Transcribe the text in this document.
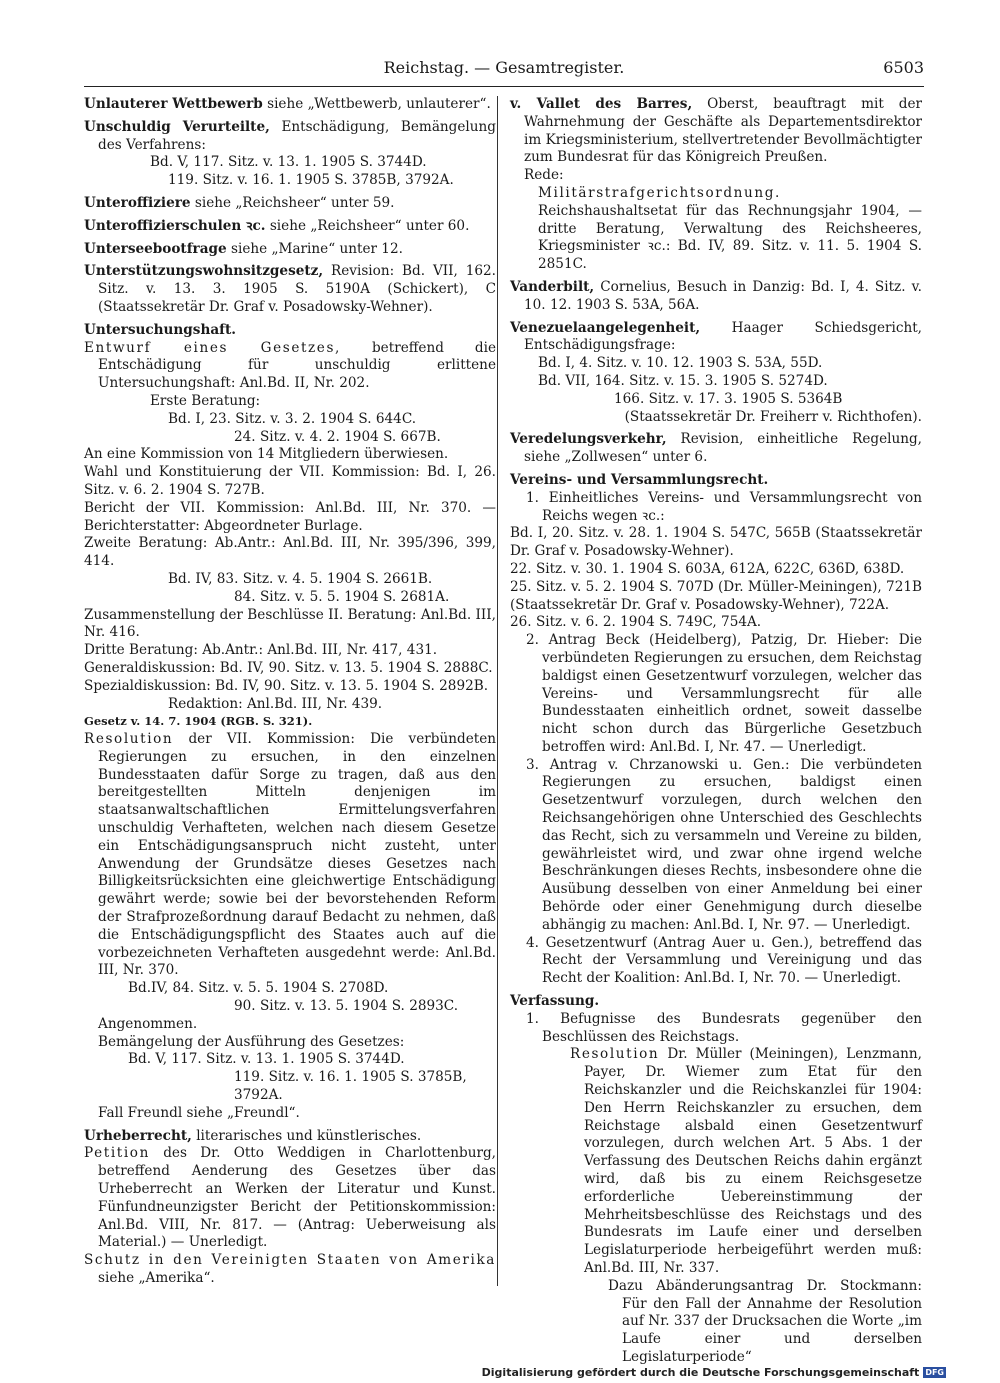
Reichstag. — Gesamtregister.	6503

Unlauterer Wettbewerb siehe „Wettbewerb, unlauterer“.

Unschuldig Verurteilte, Entschädigung, Bemängelung des Verfahrens:
Bd. V, 117. Sitz. v. 13. 1. 1905 S. 3744D.
119. Sitz. v. 16. 1. 1905 S. 3785B, 3792A.

Unteroffiziere siehe „Reichsheer“ unter 59.

Unteroffizierschulen ꝛc. siehe „Reichsheer“ unter 60.

Unterseebootfrage siehe „Marine“ unter 12.

Unterstützungswohnsitzgesetz, Revision: Bd. VII, 162. Sitz. v. 13. 3. 1905 S. 5190A (Schickert), C (Staatssekretär Dr. Graf v. Posadowsky-Wehner).

Untersuchungshaft.

Entwurf eines Gesetzes, betreffend die Entschädigung für unschuldig erlittene Untersuchungshaft: Anl.Bd. II, Nr. 202.

Erste Beratung:
Bd. I, 23. Sitz. v. 3. 2. 1904 S. 644C.
24. Sitz. v. 4. 2. 1904 S. 667B.

An eine Kommission von 14 Mitgliedern überwiesen.

Wahl und Konstituierung der VII. Kommission: Bd. I, 26. Sitz. v. 6. 2. 1904 S. 727B.

Bericht der VII. Kommission: Anl.Bd. III, Nr. 370. — Berichterstatter: Abgeordneter Burlage.

Zweite Beratung: Ab.Antr.: Anl.Bd. III, Nr. 395/396, 399, 414.

Bd. IV, 83. Sitz. v. 4. 5. 1904 S. 2661B.
84. Sitz. v. 5. 5. 1904 S. 2681A.

Zusammenstellung der Beschlüsse II. Beratung: Anl.Bd. III, Nr. 416.

Dritte Beratung: Ab.Antr.: Anl.Bd. III, Nr. 417, 431.

Generaldiskussion: Bd. IV, 90. Sitz. v. 13. 5. 1904 S. 2888C.

Spezialdiskussion: Bd. IV, 90. Sitz. v. 13. 5. 1904 S. 2892B.

Redaktion: Anl.Bd. III, Nr. 439.
Gesetz v. 14. 7. 1904 (RGB. S. 321).

Resolution der VII. Kommission: Die verbündeten Regierungen zu ersuchen, in den einzelnen Bundesstaaten dafür Sorge zu tragen, daß aus den bereitgestellten Mitteln denjenigen im staatsanwaltschaftlichen Ermittelungsverfahren unschuldig Verhafteten, welchen nach diesem Gesetze ein Entschädigungsanspruch nicht zusteht, unter Anwendung der Grundsätze dieses Gesetzes nach Billigkeitsrücksichten eine gleichwertige Entschädigung gewährt werde; sowie bei der bevorstehenden Reform der Strafprozeßordnung darauf Bedacht zu nehmen, daß die Entschädigungspflicht des Staates auch auf die vorbezeichneten Verhafteten ausgedehnt werde: Anl.Bd. III, Nr. 370.

Bd.IV, 84. Sitz. v. 5. 5. 1904 S. 2708D.
90. Sitz. v. 13. 5. 1904 S. 2893C.
Angenommen.
Bemängelung der Ausführung des Gesetzes:
Bd. V, 117. Sitz. v. 13. 1. 1905 S. 3744D.
119. Sitz. v. 16. 1. 1905 S. 3785B, 3792A.

Fall Freundl siehe „Freundl“.

Urheberrecht, literarisches und künstlerisches.

Petition des Dr. Otto Weddigen in Charlottenburg, betreffend Aenderung des Gesetzes über das Urheberrecht an Werken der Literatur und Kunst. Fünfundneunzigster Bericht der Petitionskommission: Anl.Bd. VIII, Nr. 817. — (Antrag: Ueberweisung als Material.) — Unerledigt.

Schutz in den Vereinigten Staaten von Amerika siehe „Amerika“.

v. Vallet des Barres, Oberst, beauftragt mit der Wahrnehmung der Geschäfte als Departementsdirektor im Kriegsministerium, stellvertretender Bevollmächtigter zum Bundesrat für das Königreich Preußen.

Rede:

Militärstrafgerichtsordnung. Reichshaushaltsetat für das Rechnungsjahr 1904, — dritte Beratung, Verwaltung des Reichsheeres, Kriegsminister ꝛc.: Bd. IV, 89. Sitz. v. 11. 5. 1904 S. 2851C.

Vanderbilt, Cornelius, Besuch in Danzig: Bd. I, 4. Sitz. v. 10. 12. 1903 S. 53A, 56A.

Venezuelaangelegenheit, Haager Schiedsgericht, Entschädigungsfrage:

Bd. I, 4. Sitz. v. 10. 12. 1903 S. 53A, 55D.
Bd. VII, 164. Sitz. v. 15. 3. 1905 S. 5274D.
166. Sitz. v. 17. 3. 1905 S. 5364B

(Staatssekretär Dr. Freiherr v. Richthofen).

Veredelungsverkehr, Revision, einheitliche Regelung, siehe „Zollwesen“ unter 6.

Vereins- und Versammlungsrecht.

1. Einheitliches Vereins- und Versammlungsrecht von Reichs wegen ꝛc.:

Bd. I, 20. Sitz. v. 28. 1. 1904 S. 547C, 565B (Staatssekretär Dr. Graf v. Posadowsky-Wehner).

22. Sitz. v. 30. 1. 1904 S. 603A, 612A, 622C, 636D, 638D.

25. Sitz. v. 5. 2. 1904 S. 707D (Dr. Müller-Meiningen), 721B (Staatssekretär Dr. Graf v. Posadowsky-Wehner), 722A.

26. Sitz. v. 6. 2. 1904 S. 749C, 754A.

2. Antrag Beck (Heidelberg), Patzig, Dr. Hieber: Die verbündeten Regierungen zu ersuchen, dem Reichstag baldigst einen Gesetzentwurf vorzulegen, welcher das Vereins- und Versammlungsrecht für alle Bundesstaaten einheitlich ordnet, soweit dasselbe nicht schon durch das Bürgerliche Gesetzbuch betroffen wird: Anl.Bd. I, Nr. 47. — Unerledigt.

3. Antrag v. Chrzanowski u. Gen.: Die verbündeten Regierungen zu ersuchen, baldigst einen Gesetzentwurf vorzulegen, durch welchen den Reichsangehörigen ohne Unterschied des Geschlechts das Recht, sich zu versammeln und Vereine zu bilden, gewährleistet wird, und zwar ohne irgend welche Beschränkungen dieses Rechts, insbesondere ohne die Ausübung desselben von einer Anmeldung bei einer Behörde oder einer Genehmigung durch dieselbe abhängig zu machen: Anl.Bd. I, Nr. 97. — Unerledigt.

4. Gesetzentwurf (Antrag Auer u. Gen.), betreffend das Recht der Versammlung und Vereinigung und das Recht der Koalition: Anl.Bd. I, Nr. 70. — Unerledigt.

Verfassung.

1. Befugnisse des Bundesrats gegenüber den Beschlüssen des Reichstags.

Resolution Dr. Müller (Meiningen), Lenzmann, Payer, Dr. Wiemer zum Etat für den Reichskanzler und die Reichskanzlei für 1904: Den Herrn Reichskanzler zu ersuchen, dem Reichstage alsbald einen Gesetzentwurf vorzulegen, durch welchen Art. 5 Abs. 1 der Verfassung des Deutschen Reichs dahin ergänzt wird, daß bis zu einem Reichsgesetze erforderliche Uebereinstimmung der Mehrheitsbeschlüsse des Reichstags und des Bundesrats im Laufe einer und derselben Legislaturperiode herbeigeführt werden muß: Anl.Bd. III, Nr. 337.

Dazu Abänderungsantrag Dr. Stockmann: Für den Fall der Annahme der Resolution auf Nr. 337 der Drucksachen die Worte „im Laufe einer und derselben Legislaturperiode“

Digitalisierung gefördert durch die Deutsche Forschungsgemeinschaft DFG
